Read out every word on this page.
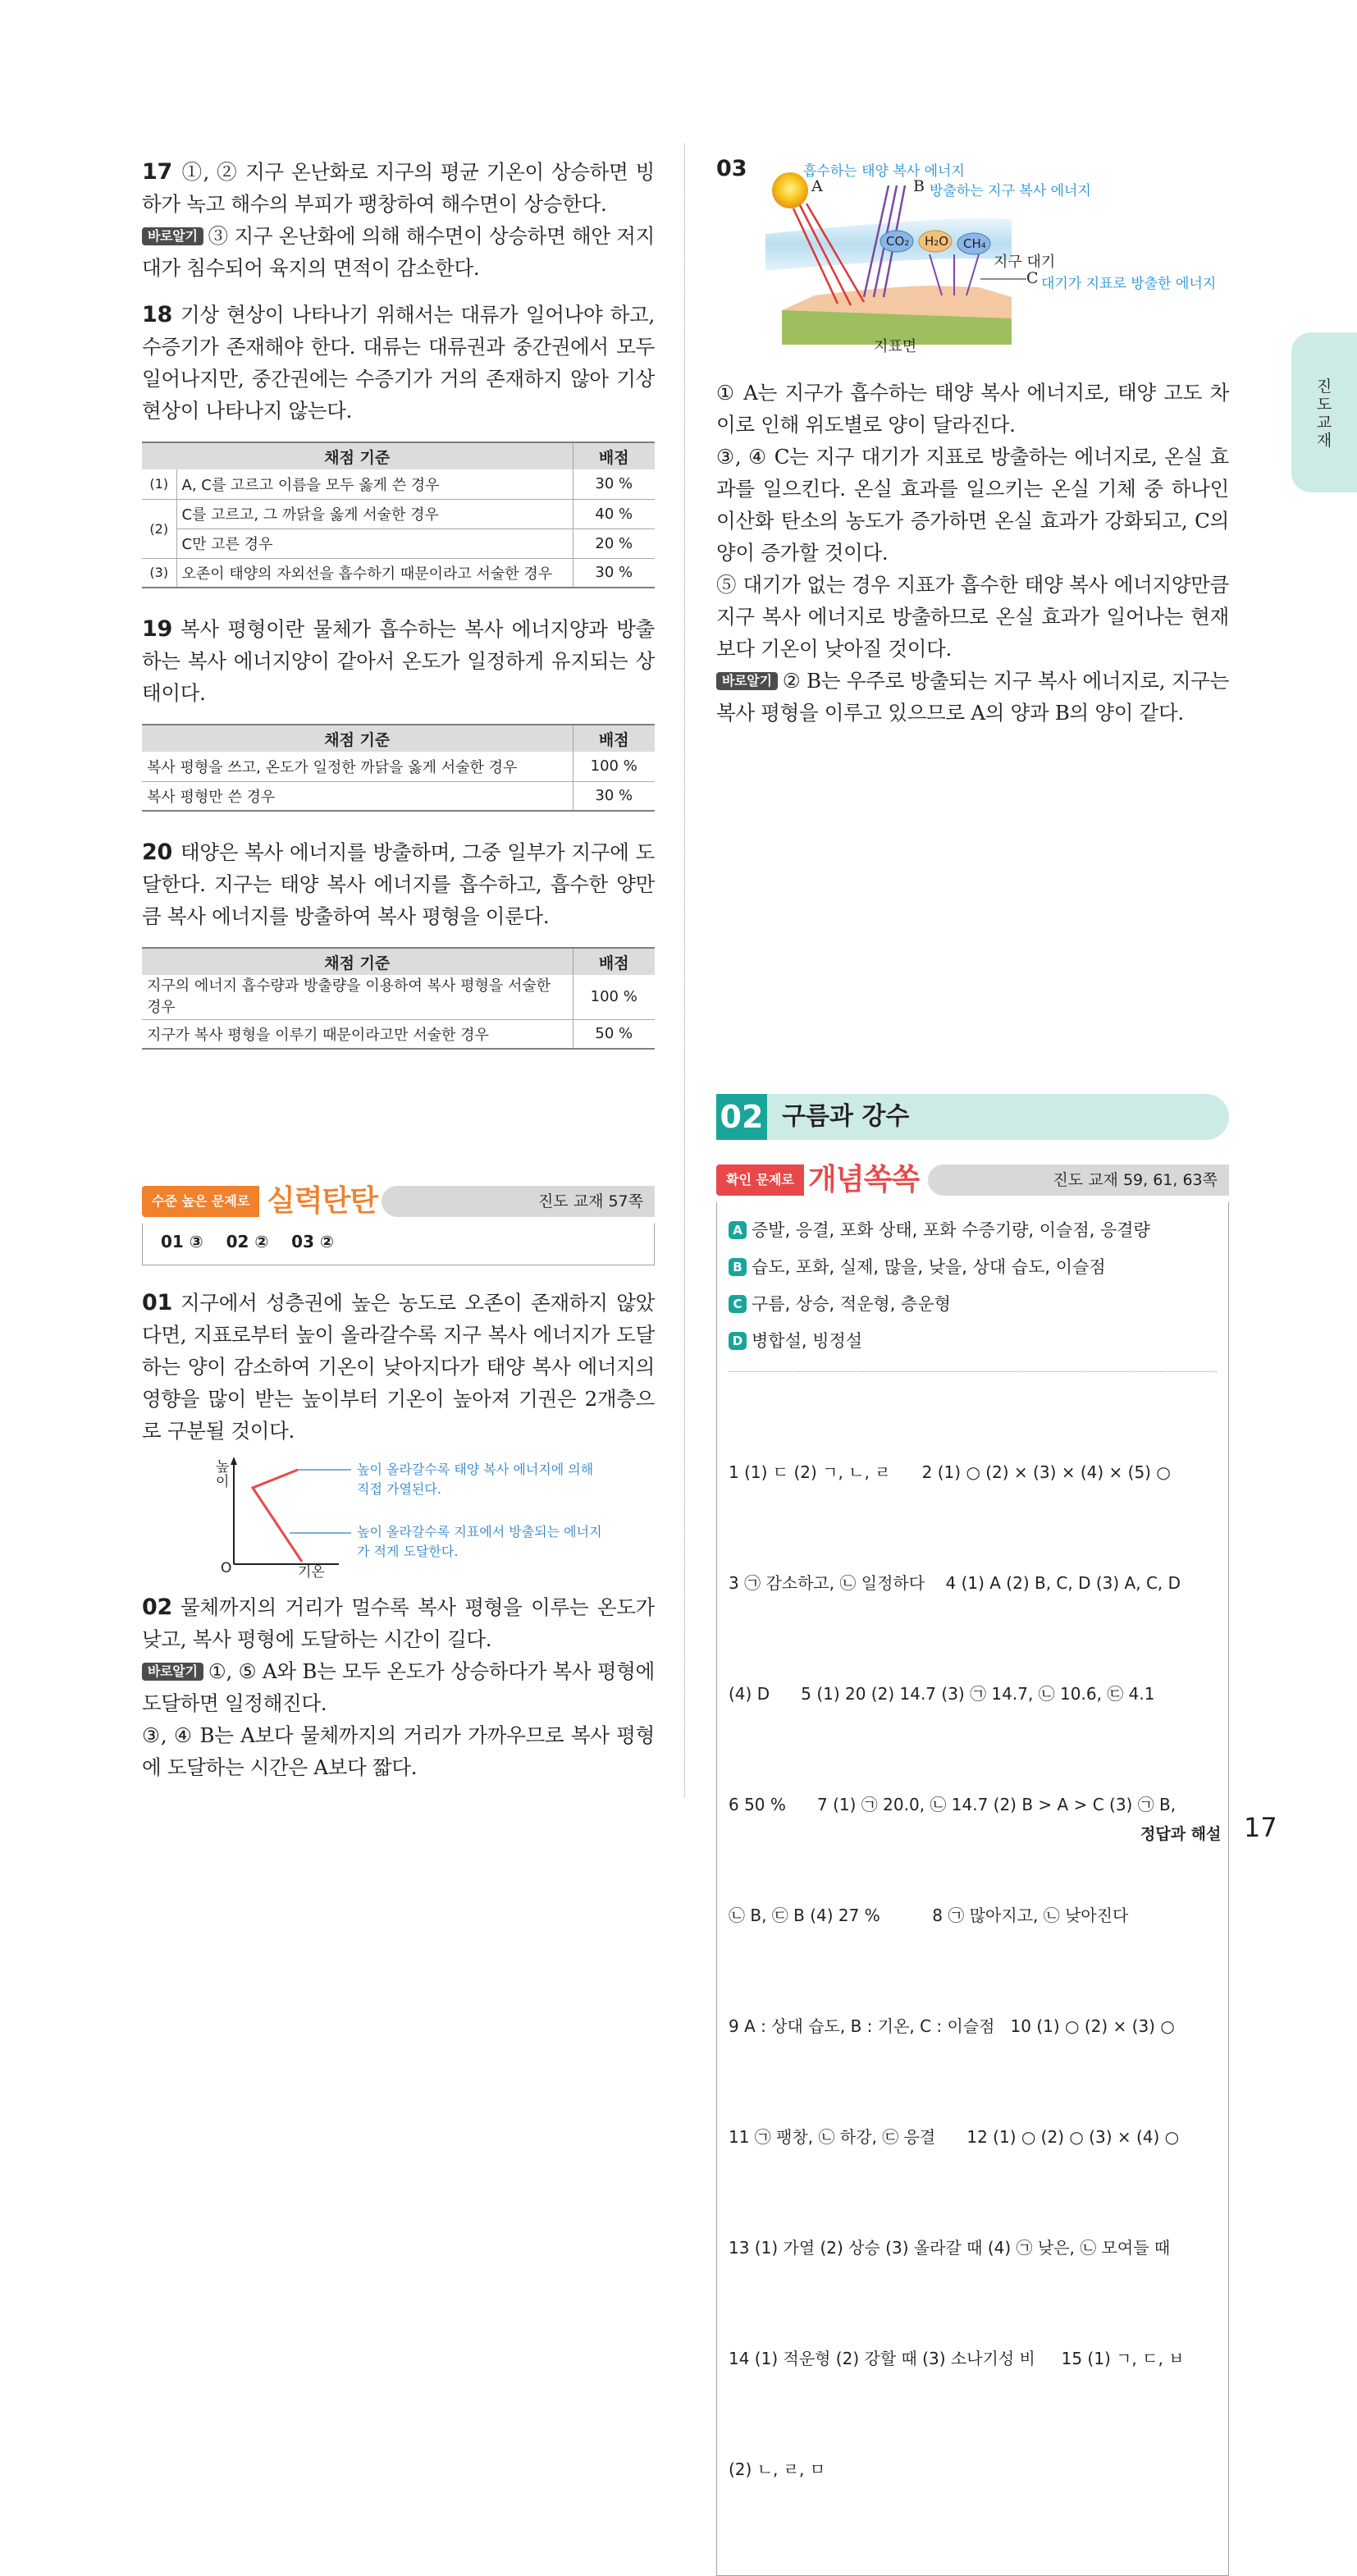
17 ①, ② 지구 온난화로 지구의 평균 기온이 상승하면 빙하가 녹고 해수의 부피가 팽창하여 해수면이 상승한다.
바로알기 ③ 지구 온난화에 의해 해수면이 상승하면 해안 저지대가 침수되어 육지의 면적이 감소한다.

18 기상 현상이 나타나기 위해서는 대류가 일어나야 하고, 수증기가 존재해야 한다. 대류는 대류권과 중간권에서 모두 일어나지만, 중간권에는 수증기가 거의 존재하지 않아 기상 현상이 나타나지 않는다.

채점 기준		배점
(1)	A, C를 고르고 이름을 모두 옳게 쓴 경우	30 %
(2)	C를 고르고, 그 까닭을 옳게 서술한 경우	40 %
	C만 고른 경우	20 %
(3)	오존이 태양의 자외선을 흡수하기 때문이라고 서술한 경우	30 %

19 복사 평형이란 물체가 흡수하는 복사 에너지양과 방출하는 복사 에너지양이 같아서 온도가 일정하게 유지되는 상태이다.

채점 기준	배점
복사 평형을 쓰고, 온도가 일정한 까닭을 옳게 서술한 경우	100 %
복사 평형만 쓴 경우	30 %

20 태양은 복사 에너지를 방출하며, 그중 일부가 지구에 도달한다. 지구는 태양 복사 에너지를 흡수하고, 흡수한 양만큼 복사 에너지를 방출하여 복사 평형을 이룬다.

채점 기준	배점
지구의 에너지 흡수량과 방출량을 이용하여 복사 평형을 서술한 경우	100 %
지구가 복사 평형을 이루기 때문이라고만 서술한 경우	50 %
수준 높은 문제로 실력탄탄	진도 교재 57쪽
01 ③    02 ②    03 ②

01 지구에서 성층권에 높은 농도로 오존이 존재하지 않았다면, 지표로부터 높이 올라갈수록 지구 복사 에너지가 도달하는 양이 감소하여 기온이 낮아지다가 태양 복사 에너지의 영향을 많이 받는 높이부터 기온이 높아져 기권은 2개층으로 구분될 것이다.

높이
O	기온
높이 올라갈수록 태양 복사 에너지에 의해 직접 가열된다.
높이 올라갈수록 지표에서 방출되는 에너지가 적게 도달한다.

02 물체까지의 거리가 멀수록 복사 평형을 이루는 온도가 낮고, 복사 평형에 도달하는 시간이 길다.
바로알기 ①, ⑤ A와 B는 모두 온도가 상승하다가 복사 평형에 도달하면 일정해진다.
③, ④ B는 A보다 물체까지의 거리가 가까우므로 복사 평형에 도달하는 시간은 A보다 짧다.

03	흡수하는 태양 복사 에너지
A	B 방출하는 지구 복사 에너지
CO₂ H₂O CH₄
지구 대기
C 대기가 지표로 방출한 에너지
지표면

① A는 지구가 흡수하는 태양 복사 에너지로, 태양 고도 차이로 인해 위도별로 양이 달라진다.
③, ④ C는 지구 대기가 지표로 방출하는 에너지로, 온실 효과를 일으킨다. 온실 효과를 일으키는 온실 기체 중 하나인 이산화 탄소의 농도가 증가하면 온실 효과가 강화되고, C의 양이 증가할 것이다.
⑤ 대기가 없는 경우 지표가 흡수한 태양 복사 에너지양만큼 지구 복사 에너지로 방출하므로 온실 효과가 일어나는 현재보다 기온이 낮아질 것이다.
바로알기 ② B는 우주로 방출되는 지구 복사 에너지로, 지구는 복사 평형을 이루고 있으므로 A의 양과 B의 양이 같다.

02 구름과 강수
확인 문제로 개념쏙쏙	진도 교재 59, 61, 63쪽
A 증발, 응결, 포화 상태, 포화 수증기량, 이슬점, 응결량
B 습도, 포화, 실제, 많을, 낮을, 상대 습도, 이슬점
C 구름, 상승, 적운형, 층운형
D 병합설, 빙정설

1 (1) ㄷ (2) ㄱ, ㄴ, ㄹ      2 (1) ○ (2) × (3) × (4) × (5) ○

3 ㉠ 감소하고, ㉡ 일정하다    4 (1) A (2) B, C, D (3) A, C, D

(4) D      5 (1) 20 (2) 14.7 (3) ㉠ 14.7, ㉡ 10.6, ㉢ 4.1

6 50 %      7 (1) ㉠ 20.0, ㉡ 14.7 (2) B > A > C (3) ㉠ B,

㉡ B, ㉢ B (4) 27 %          8 ㉠ 많아지고, ㉡ 낮아진다

9 A : 상대 습도, B : 기온, C : 이슬점   10 (1) ○ (2) × (3) ○

11 ㉠ 팽창, ㉡ 하강, ㉢ 응결      12 (1) ○ (2) ○ (3) × (4) ○

13 (1) 가열 (2) 상승 (3) 올라갈 때 (4) ㉠ 낮은, ㉡ 모여들 때

14 (1) 적운형 (2) 강할 때 (3) 소나기성 비     15 (1) ㄱ, ㄷ, ㅂ

(2) ㄴ, ㄹ, ㅁ

진도 교재
정답과 해설 17
